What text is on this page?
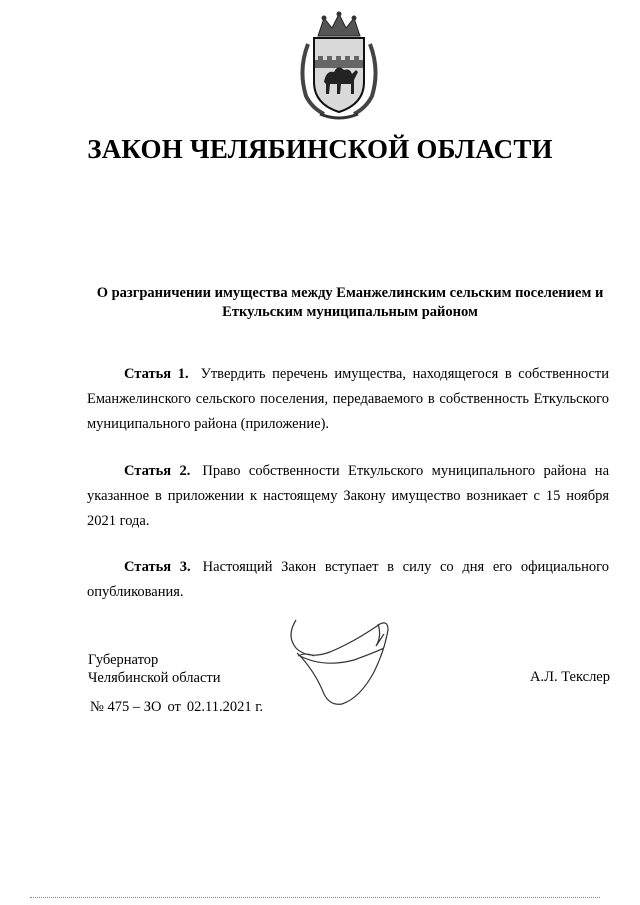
ЗАКОН ЧЕЛЯБИНСКОЙ ОБЛАСТИ
О разграничении имущества между Еманжелинским сельским поселением и
Еткульским муниципальным районом
Статья 1. Утвердить перечень имущества, находящегося в собственности Еманжелинского сельского поселения, передаваемого в собственность Еткульского муниципального района (приложение).
Статья 2. Право собственности Еткульского муниципального района на указанное в приложении к настоящему Закону имущество возникает с 15 ноября 2021 года.
Статья 3. Настоящий Закон вступает в силу со дня его официального опубликования.
Губернатор
Челябинской области	А.Л. Текслер
№ 475 – ЗО от 02.11.2021 г.
